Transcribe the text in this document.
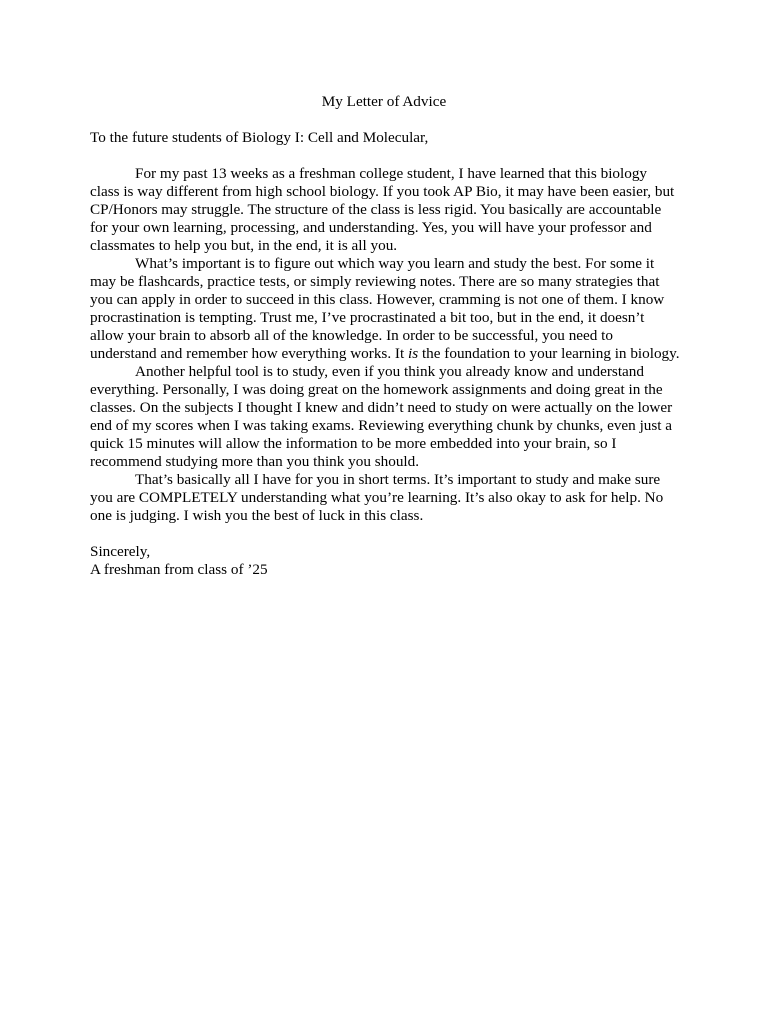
My Letter of Advice

To the future students of Biology I: Cell and Molecular,

For my past 13 weeks as a freshman college student, I have learned that this biology class is way different from high school biology. If you took AP Bio, it may have been easier, but CP/Honors may struggle. The structure of the class is less rigid. You basically are accountable for your own learning, processing, and understanding. Yes, you will have your professor and classmates to help you but, in the end, it is all you.

What’s important is to figure out which way you learn and study the best. For some it may be flashcards, practice tests, or simply reviewing notes. There are so many strategies that you can apply in order to succeed in this class. However, cramming is not one of them. I know procrastination is tempting. Trust me, I’ve procrastinated a bit too, but in the end, it doesn’t allow your brain to absorb all of the knowledge. In order to be successful, you need to understand and remember how everything works. It is the foundation to your learning in biology.

Another helpful tool is to study, even if you think you already know and understand everything. Personally, I was doing great on the homework assignments and doing great in the classes. On the subjects I thought I knew and didn’t need to study on were actually on the lower end of my scores when I was taking exams. Reviewing everything chunk by chunks, even just a quick 15 minutes will allow the information to be more embedded into your brain, so I recommend studying more than you think you should.

That’s basically all I have for you in short terms. It’s important to study and make sure you are COMPLETELY understanding what you’re learning. It’s also okay to ask for help. No one is judging. I wish you the best of luck in this class.

Sincerely,
A freshman from class of ’25
